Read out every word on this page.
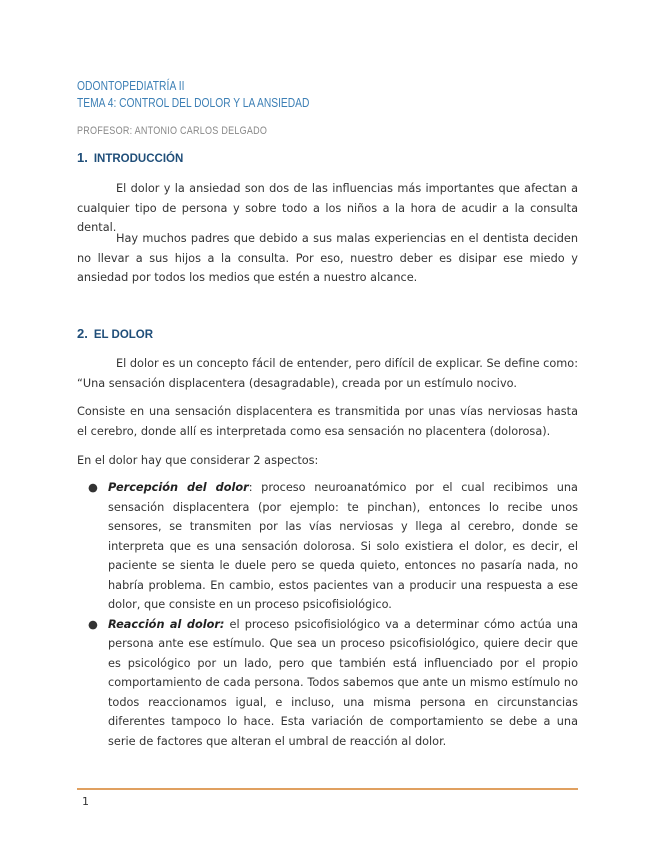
ODONTOPEDIATRÍA II
TEMA 4: CONTROL DEL DOLOR Y LA ANSIEDAD
PROFESOR: ANTONIO CARLOS DELGADO
1. INTRODUCCIÓN

El dolor y la ansiedad son dos de las influencias más importantes que afectan a cualquier tipo de persona y sobre todo a los niños a la hora de acudir a la consulta dental.

Hay muchos padres que debido a sus malas experiencias en el dentista deciden no llevar a sus hijos a la consulta. Por eso, nuestro deber es disipar ese miedo y ansiedad por todos los medios que estén a nuestro alcance.

2. EL DOLOR

El dolor es un concepto fácil de entender, pero difícil de explicar. Se define como: “Una sensación displacentera (desagradable), creada por un estímulo nocivo.

Consiste en una sensación displacentera es transmitida por unas vías nerviosas hasta el cerebro, donde allí es interpretada como esa sensación no placentera (dolorosa).

En el dolor hay que considerar 2 aspectos:

● Percepción del dolor: proceso neuroanatómico por el cual recibimos una sensación displacentera (por ejemplo: te pinchan), entonces lo recibe unos sensores, se transmiten por las vías nerviosas y llega al cerebro, donde se interpreta que es una sensación dolorosa. Si solo existiera el dolor, es decir, el paciente se sienta le duele pero se queda quieto, entonces no pasaría nada, no habría problema. En cambio, estos pacientes van a producir una respuesta a ese dolor, que consiste en un proceso psicofisiológico.
● Reacción al dolor: el proceso psicofisiológico va a determinar cómo actúa una persona ante ese estímulo. Que sea un proceso psicofisiológico, quiere decir que es psicológico por un lado, pero que también está influenciado por el propio comportamiento de cada persona. Todos sabemos que ante un mismo estímulo no todos reaccionamos igual, e incluso, una misma persona en circunstancias diferentes tampoco lo hace. Esta variación de comportamiento se debe a una serie de factores que alteran el umbral de reacción al dolor.
1
